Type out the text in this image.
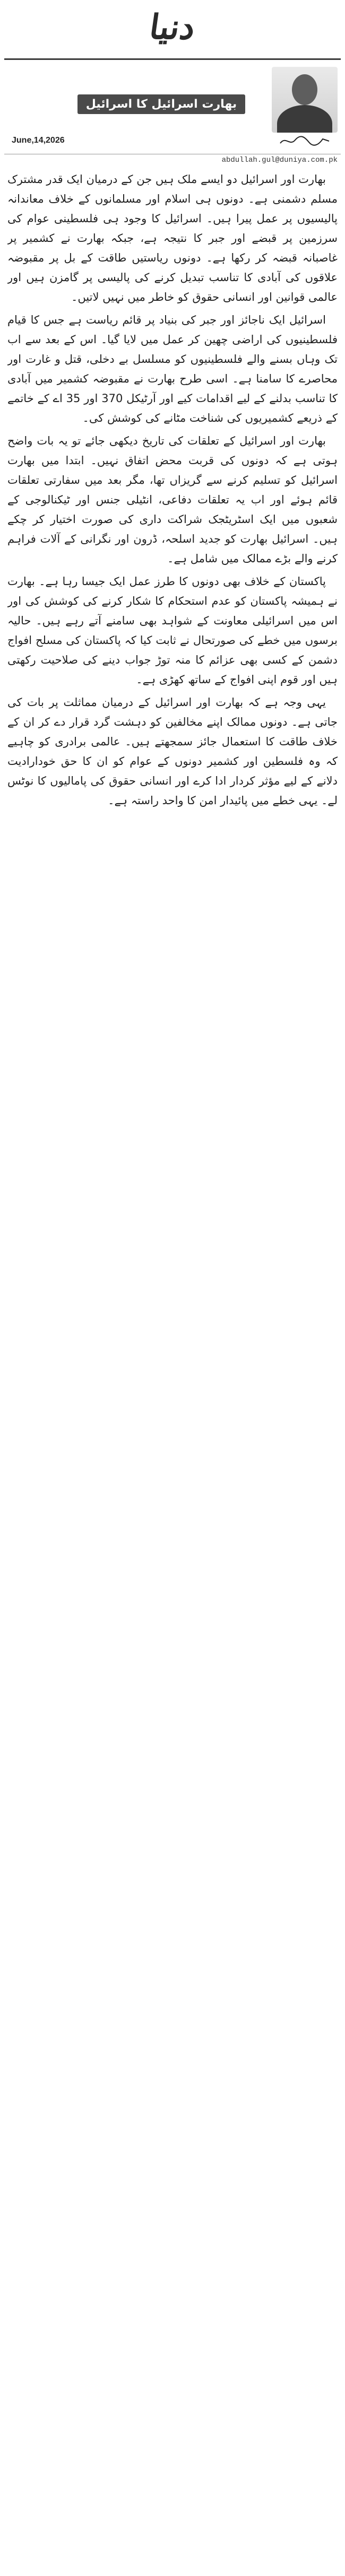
دنیا
بھارت اسرائیل کا اسرائیل
June,14,2026
abdullah.gul@duniya.com.pk

بھارت اور اسرائیل دو ایسے ملک ہیں جن کے درمیان ایک قدر مشترک مسلم دشمنی ہے۔ دونوں ہی اسلام اور مسلمانوں کے خلاف معاندانہ پالیسیوں پر عمل پیرا ہیں۔ اسرائیل کا وجود ہی فلسطینی عوام کی سرزمین پر قبضے اور جبر کا نتیجہ ہے، جبکہ بھارت نے کشمیر پر غاصبانہ قبضہ کر رکھا ہے۔ دونوں ریاستیں طاقت کے بل پر مقبوضہ علاقوں کی آبادی کا تناسب تبدیل کرنے کی پالیسی پر گامزن ہیں اور عالمی قوانین اور انسانی حقوق کو خاطر میں نہیں لاتیں۔

اسرائیل ایک ناجائز اور جبر کی بنیاد پر قائم ریاست ہے جس کا قیام فلسطینیوں کی اراضی چھین کر عمل میں لایا گیا۔ اس کے بعد سے اب تک وہاں بسنے والے فلسطینیوں کو مسلسل بے دخلی، قتل و غارت اور محاصرے کا سامنا ہے۔ اسی طرح بھارت نے مقبوضہ کشمیر میں آبادی کا تناسب بدلنے کے لیے اقدامات کیے اور آرٹیکل 370 اور 35 اے کے خاتمے کے ذریعے کشمیریوں کی شناخت مٹانے کی کوشش کی۔

بھارت اور اسرائیل کے تعلقات کی تاریخ دیکھی جائے تو یہ بات واضح ہوتی ہے کہ دونوں کی قربت محض اتفاق نہیں۔ ابتدا میں بھارت اسرائیل کو تسلیم کرنے سے گریزاں تھا، مگر بعد میں سفارتی تعلقات قائم ہوئے اور اب یہ تعلقات دفاعی، انٹیلی جنس اور ٹیکنالوجی کے شعبوں میں ایک اسٹریٹجک شراکت داری کی صورت اختیار کر چکے ہیں۔ اسرائیل بھارت کو جدید اسلحہ، ڈرون اور نگرانی کے آلات فراہم کرنے والے بڑے ممالک میں شامل ہے۔

پاکستان کے خلاف بھی دونوں کا طرز عمل ایک جیسا رہا ہے۔ بھارت نے ہمیشہ پاکستان کو عدم استحکام کا شکار کرنے کی کوشش کی اور اس میں اسرائیلی معاونت کے شواہد بھی سامنے آتے رہے ہیں۔ حالیہ برسوں میں خطے کی صورتحال نے ثابت کیا کہ پاکستان کی مسلح افواج دشمن کے کسی بھی عزائم کا منہ توڑ جواب دینے کی صلاحیت رکھتی ہیں اور قوم اپنی افواج کے ساتھ کھڑی ہے۔

یہی وجہ ہے کہ بھارت اور اسرائیل کے درمیان مماثلت پر بات کی جاتی ہے۔ دونوں ممالک اپنے مخالفین کو دہشت گرد قرار دے کر ان کے خلاف طاقت کا استعمال جائز سمجھتے ہیں۔ عالمی برادری کو چاہیے کہ وہ فلسطین اور کشمیر دونوں کے عوام کو ان کا حق خودارادیت دلانے کے لیے مؤثر کردار ادا کرے اور انسانی حقوق کی پامالیوں کا نوٹس لے۔ یہی خطے میں پائیدار امن کا واحد راستہ ہے۔
